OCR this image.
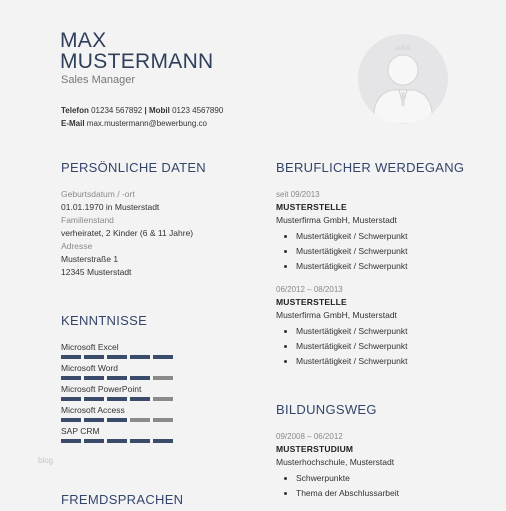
MAX
MUSTERMANN
Sales Manager
Telefon 01234 567892 | Mobil 0123 4567890
E-Mail max.mustermann@bewerbung.co
PERSÖNLICHE DATEN
Geburtsdatum / -ort
01.01.1970 in Musterstadt
Familienstand
verheiratet, 2 Kinder (6 & 11 Jahre)
Adresse
Musterstraße 1
12345 Musterstadt
KENNTNISSE
Microsoft Excel
Microsoft Word
Microsoft PowerPoint
Microsoft Access
SAP CRM
FREMDSPRACHEN
BERUFLICHER WERDEGANG
seit 09/2013
MUSTERSTELLE
Musterfirma GmbH, Musterstadt
• Mustertätigkeit / Schwerpunkt
• Mustertätigkeit / Schwerpunkt
• Mustertätigkeit / Schwerpunkt
06/2012 – 08/2013
MUSTERSTELLE
Musterfirma GmbH, Musterstadt
• Mustertätigkeit / Schwerpunkt
• Mustertätigkeit / Schwerpunkt
• Mustertätigkeit / Schwerpunkt
BILDUNGSWEG
09/2008 – 06/2012
MUSTERSTUDIUM
Musterhochschule, Musterstadt
• Schwerpunkte
• Thema der Abschlussarbeit
blog
